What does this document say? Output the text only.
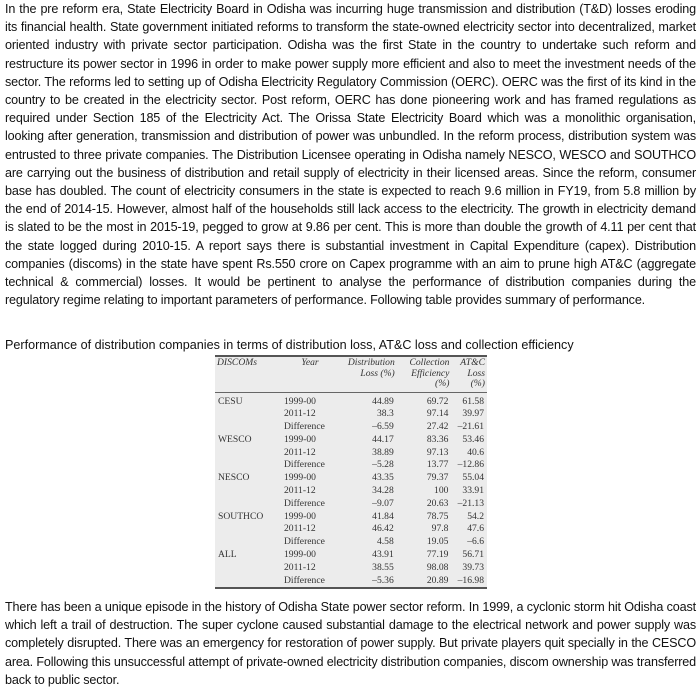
In the pre reform era, State Electricity Board in Odisha was incurring huge transmission and distribution (T&D) losses eroding its financial health. State government initiated reforms to transform the state-owned electricity sector into decentralized, market oriented industry with private sector participation. Odisha was the first State in the country to undertake such reform and restructure its power sector in 1996 in order to make power supply more efficient and also to meet the investment needs of the sector. The reforms led to setting up of Odisha Electricity Regulatory Commission (OERC). OERC was the first of its kind in the country to be created in the electricity sector. Post reform, OERC has done pioneering work and has framed regulations as required under Section 185 of the Electricity Act. The Orissa State Electricity Board which was a monolithic organisation, looking after generation, transmission and distribution of power was unbundled. In the reform process, distribution system was entrusted to three private companies. The Distribution Licensee operating in Odisha namely NESCO, WESCO and SOUTHCO are carrying out the business of distribution and retail supply of electricity in their licensed areas. Since the reform, consumer base has doubled. The count of electricity consumers in the state is expected to reach 9.6 million in FY19, from 5.8 million by the end of 2014-15. However, almost half of the households still lack access to the electricity. The growth in electricity demand is slated to be the most in 2015-19, pegged to grow at 9.86 per cent. This is more than double the growth of 4.11 per cent that the state logged during 2010-15. A report says there is substantial investment in Capital Expenditure (capex). Distribution companies (discoms) in the state have spent Rs.550 crore on Capex programme with an aim to prune high AT&C (aggregate technical & commercial) losses. It would be pertinent to analyse the performance of distribution companies during the regulatory regime relating to important parameters of performance. Following table provides summary of performance.
Performance of distribution companies in terms of distribution loss, AT&C loss and collection efficiency
DISCOMs	Year	Distribution Loss (%)	Collection Efficiency (%)	AT&C Loss (%)
CESU	1999-00	44.89	69.72	61.58
	2011-12	38.3	97.14	39.97
	Difference	–6.59	27.42	–21.61
WESCO	1999-00	44.17	83.36	53.46
	2011-12	38.89	97.13	40.6
	Difference	–5.28	13.77	–12.86
NESCO	1999-00	43.35	79.37	55.04
	2011-12	34.28	100	33.91
	Difference	–9.07	20.63	–21.13
SOUTHCO	1999-00	41.84	78.75	54.2
	2011-12	46.42	97.8	47.6
	Difference	4.58	19.05	–6.6
ALL	1999-00	43.91	77.19	56.71
	2011-12	38.55	98.08	39.73
	Difference	–5.36	20.89	–16.98
There has been a unique episode in the history of Odisha State power sector reform. In 1999, a cyclonic storm hit Odisha coast which left a trail of destruction. The super cyclone caused substantial damage to the electrical network and power supply was completely disrupted. There was an emergency for restoration of power supply. But private players quit specially in the CESCO area. Following this unsuccessful attempt of private-owned electricity distribution companies, discom ownership was transferred back to public sector.
